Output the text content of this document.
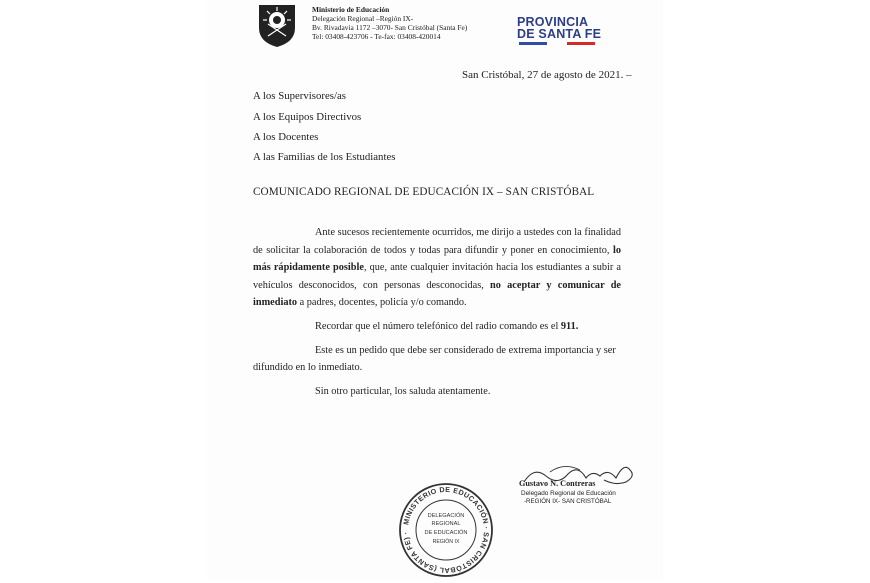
Ministerio de Educación
Delegación Regional –Región IX-
Bv. Rivadavia 1172 –3070- San Cristóbal (Santa Fe)
Tel: 03408-423706 - Te-fax: 03408-420014
PROVINCIA
DE SANTA FE
San Cristóbal, 27 de agosto de 2021. –
A los Supervisores/as
A los Equipos Directivos
A los Docentes
A las Familias de los Estudiantes
COMUNICADO REGIONAL DE EDUCACIÓN IX – SAN CRISTÓBAL

Ante sucesos recientemente ocurridos, me dirijo a ustedes con la finalidad de solicitar la colaboración de todos y todas para difundir y poner en conocimiento, lo más rápidamente posible, que, ante cualquier invitación hacia los estudiantes a subir a vehículos desconocidos, con personas desconocidas, no aceptar y comunicar de inmediato a padres, docentes, policía y/o comando.

Recordar que el número telefónico del radio comando es el 911.

Este es un pedido que debe ser considerado de extrema importancia y ser difundido en lo inmediato.

Sin otro particular, los saluda atentamente.

MINISTERIO DE EDUCACIÓN · SAN CRISTÓBAL (SANTA FE) ·
DELEGACIÓN
REGIONAL
DE EDUCACIÓN
REGIÓN IX
Gustavo N. Contreras
Delegado Regional de Educación
-REGIÓN IX- SAN CRISTÓBAL
